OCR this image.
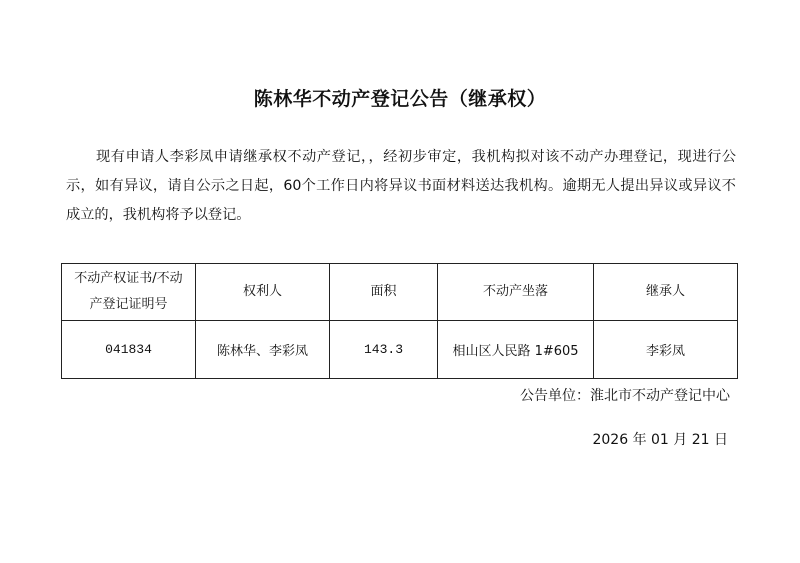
陈林华不动产登记公告（继承权）

现有申请人李彩凤申请继承权不动产登记，，经初步审定，我机构拟对该不动产办理登记，现进行公示，如有异议，请自公示之日起，60个工作日内将异议书面材料送达我机构。逾期无人提出异议或异议不成立的，我机构将予以登记。

不动产权证书/不动产登记证明号	权利人	面积	不动产坐落	继承人
041834	陈林华、李彩凤	143.3	相山区人民路 1#605	李彩凤
公告单位：淮北市不动产登记中心
2026 年 01 月 21 日
